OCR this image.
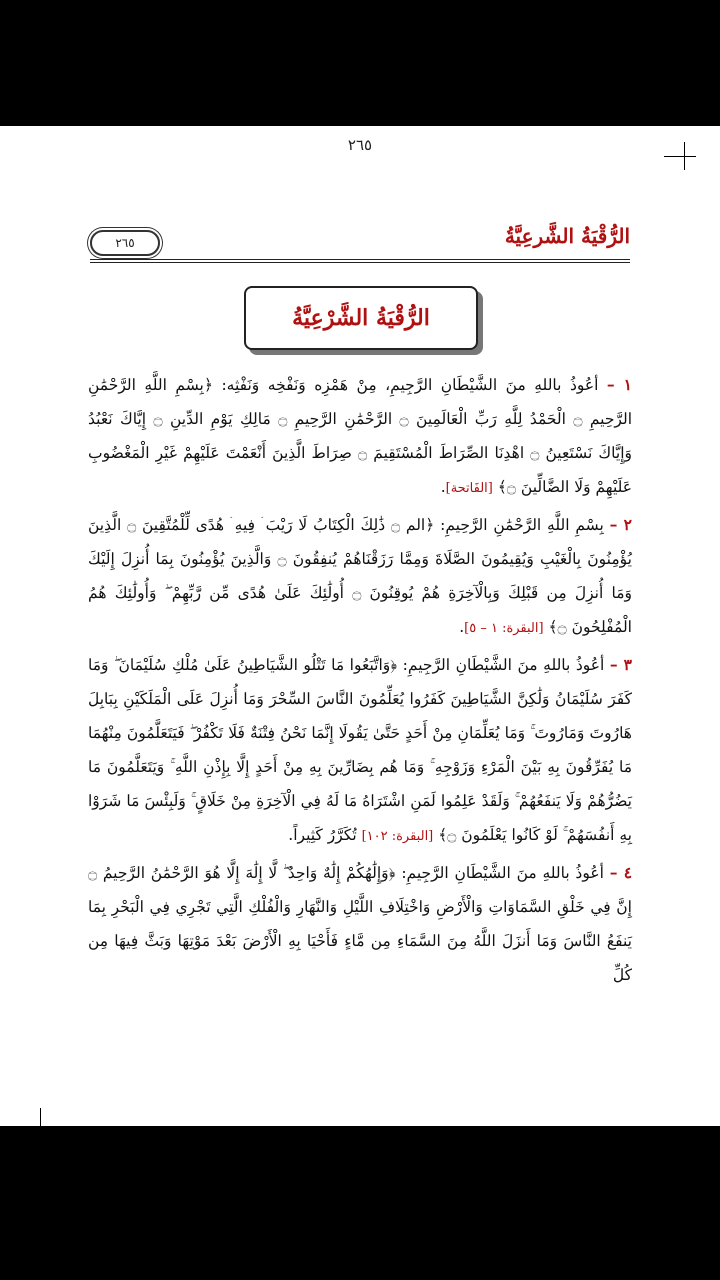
٢٦٥
الرُّقْيَةُ الشَّرعِيَّةُ
٢٦٥
الرُّقْيَةُ الشَّرْعِيَّةُ

١ – أعُوذُ باللهِ منَ الشَّيْطَانِ الرَّجِيمِ، مِنْ هَمْزِه وَنَفْخِه وَنَفْثِه: ﴿بِسْمِ اللَّهِ الرَّحْمَٰنِ الرَّحِيمِ ۝ الْحَمْدُ لِلَّهِ رَبِّ الْعَالَمِينَ ۝ الرَّحْمَٰنِ الرَّحِيمِ ۝ مَالِكِ يَوْمِ الدِّينِ ۝ إِيَّاكَ نَعْبُدُ وَإِيَّاكَ نَسْتَعِينُ ۝ اهْدِنَا الصِّرَاطَ الْمُسْتَقِيمَ ۝ صِرَاطَ الَّذِينَ أَنْعَمْتَ عَلَيْهِمْ غَيْرِ الْمَغْضُوبِ عَلَيْهِمْ وَلَا الضَّالِّينَ ۝﴾ [الفَاتحة].

٢ – بِسْمِ اللَّهِ الرَّحْمَٰنِ الرَّحِيمِ: ﴿الم ۝ ذَٰلِكَ الْكِتَابُ لَا رَيْبَ ۛ فِيهِ ۛ هُدًى لِّلْمُتَّقِينَ ۝ الَّذِينَ يُؤْمِنُونَ بِالْغَيْبِ وَيُقِيمُونَ الصَّلَاةَ وَمِمَّا رَزَقْنَاهُمْ يُنفِقُونَ ۝ وَالَّذِينَ يُؤْمِنُونَ بِمَا أُنزِلَ إِلَيْكَ وَمَا أُنزِلَ مِن قَبْلِكَ وَبِالْآخِرَةِ هُمْ يُوقِنُونَ ۝ أُولَٰئِكَ عَلَىٰ هُدًى مِّن رَّبِّهِمْ ۖ وَأُولَٰئِكَ هُمُ الْمُفْلِحُونَ ۝﴾ [البقرة: ١ – ٥].

٣ – أعُوذُ باللهِ منَ الشَّيْطَانِ الرَّجِيمِ: ﴿وَاتَّبَعُوا مَا تَتْلُو الشَّيَاطِينُ عَلَىٰ مُلْكِ سُلَيْمَانَ ۖ وَمَا كَفَرَ سُلَيْمَانُ وَلَٰكِنَّ الشَّيَاطِينَ كَفَرُوا يُعَلِّمُونَ النَّاسَ السِّحْرَ وَمَا أُنزِلَ عَلَى الْمَلَكَيْنِ بِبَابِلَ هَارُوتَ وَمَارُوتَ ۚ وَمَا يُعَلِّمَانِ مِنْ أَحَدٍ حَتَّىٰ يَقُولَا إِنَّمَا نَحْنُ فِتْنَةٌ فَلَا تَكْفُرْ ۖ فَيَتَعَلَّمُونَ مِنْهُمَا مَا يُفَرِّقُونَ بِهِ بَيْنَ الْمَرْءِ وَزَوْجِهِ ۚ وَمَا هُم بِضَارِّينَ بِهِ مِنْ أَحَدٍ إِلَّا بِإِذْنِ اللَّهِ ۚ وَيَتَعَلَّمُونَ مَا يَضُرُّهُمْ وَلَا يَنفَعُهُمْ ۚ وَلَقَدْ عَلِمُوا لَمَنِ اشْتَرَاهُ مَا لَهُ فِي الْآخِرَةِ مِنْ خَلَاقٍ ۚ وَلَبِئْسَ مَا شَرَوْا بِهِ أَنفُسَهُمْ ۚ لَوْ كَانُوا يَعْلَمُونَ ۝﴾ [البقرة: ١٠٢] تُكَرَّرُ كَثِيراً.

٤ – أعُوذُ باللهِ منَ الشَّيْطَانِ الرَّجِيمِ: ﴿وَإِلَٰهُكُمْ إِلَٰهٌ وَاحِدٌ ۖ لَّا إِلَٰهَ إِلَّا هُوَ الرَّحْمَٰنُ الرَّحِيمُ ۝ إِنَّ فِي خَلْقِ السَّمَاوَاتِ وَالْأَرْضِ وَاخْتِلَافِ اللَّيْلِ وَالنَّهَارِ وَالْفُلْكِ الَّتِي تَجْرِي فِي الْبَحْرِ بِمَا يَنفَعُ النَّاسَ وَمَا أَنزَلَ اللَّهُ مِنَ السَّمَاءِ مِن مَّاءٍ فَأَحْيَا بِهِ الْأَرْضَ بَعْدَ مَوْتِهَا وَبَثَّ فِيهَا مِن كُلِّ
